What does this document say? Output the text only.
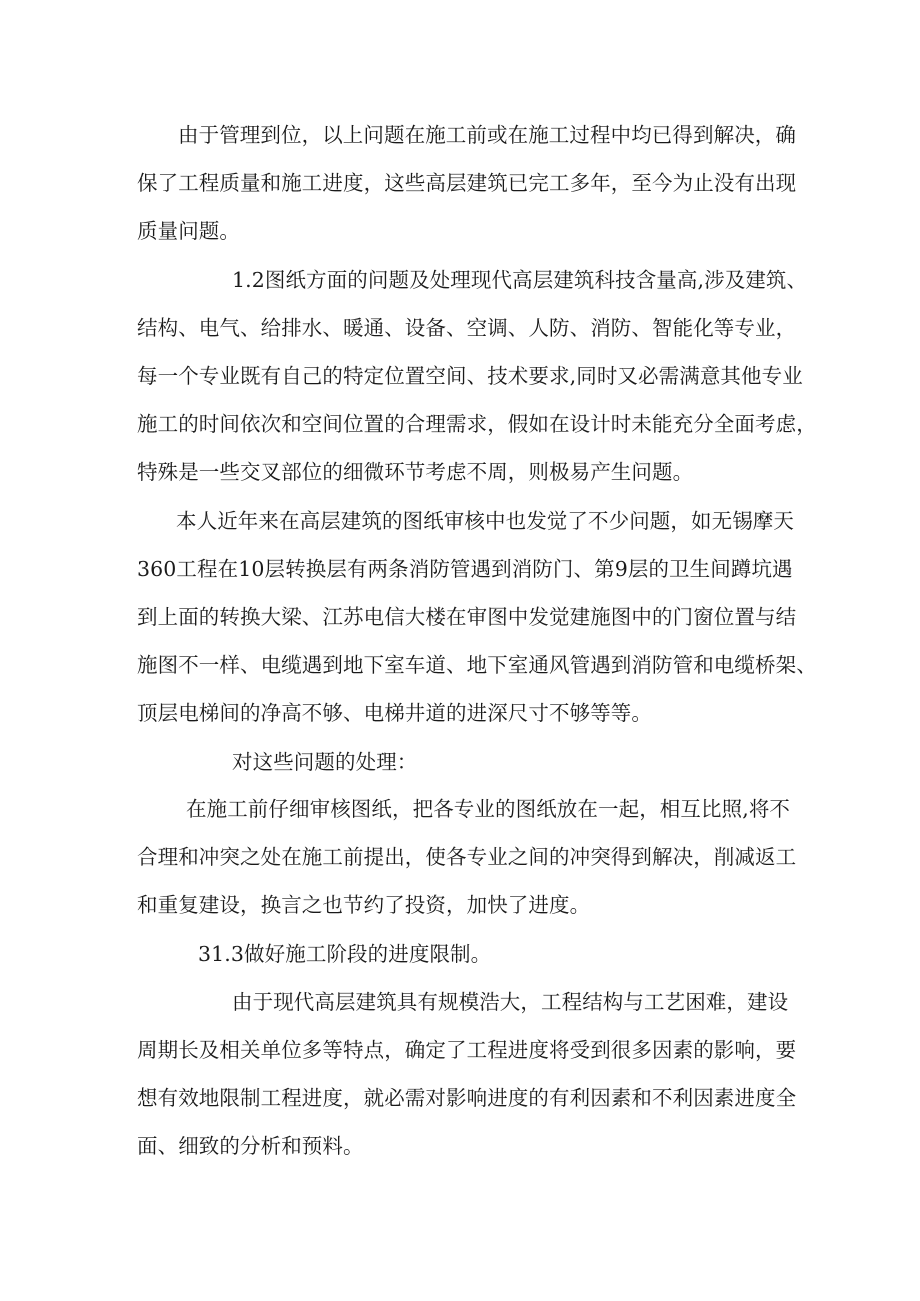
由于管理到位，以上问题在施工前或在施工过程中均已得到解决，确
保了工程质量和施工进度，这些高层建筑已完工多年，至今为止没有出现
质量问题。
1.2图纸方面的问题及处理现代高层建筑科技含量高,涉及建筑、
结构、电气、给排水、暖通、设备、空调、人防、消防、智能化等专业，
每一个专业既有自己的特定位置空间、技术要求,同时又必需满意其他专业
施工的时间依次和空间位置的合理需求，假如在设计时未能充分全面考虑，
特殊是一些交叉部位的细微环节考虑不周，则极易产生问题。
本人近年来在高层建筑的图纸审核中也发觉了不少问题，如无锡摩天
360工程在10层转换层有两条消防管遇到消防门、第9层的卫生间蹲坑遇
到上面的转换大梁、江苏电信大楼在审图中发觉建施图中的门窗位置与结
施图不一样、电缆遇到地下室车道、地下室通风管遇到消防管和电缆桥架、
顶层电梯间的净高不够、电梯井道的进深尺寸不够等等。
对这些问题的处理：
在施工前仔细审核图纸，把各专业的图纸放在一起，相互比照,将不
合理和冲突之处在施工前提出，使各专业之间的冲突得到解决，削减返工
和重复建设，换言之也节约了投资，加快了进度。
31.3做好施工阶段的进度限制。
由于现代高层建筑具有规模浩大，工程结构与工艺困难，建设
周期长及相关单位多等特点，确定了工程进度将受到很多因素的影响，要
想有效地限制工程进度，就必需对影响进度的有利因素和不利因素进度全
面、细致的分析和预料。
